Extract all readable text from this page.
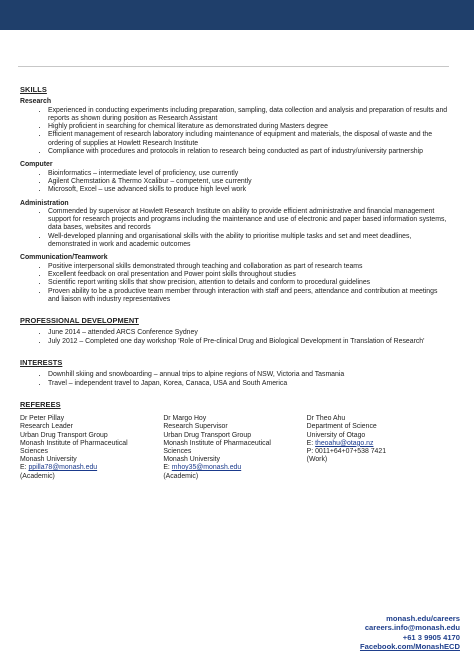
SKILLS
Research
• Experienced in conducting experiments including preparation, sampling, data collection and analysis and preparation of results and reports as shown during position as Research Assistant
• Highly proficient in searching for chemical literature as demonstrated during Masters degree
• Efficient management of research laboratory including maintenance of equipment and materials, the disposal of waste and the ordering of supplies at Howlett Research Institute
• Compliance with procedures and protocols in relation to research being conducted as part of industry/university partnership
Computer
• Bioinformatics – intermediate level of proficiency, use currently
• Agilent Chemstation & Thermo Xcalibur – competent, use currently
• Microsoft, Excel – use advanced skills to produce high level work
Administration
• Commended by supervisor at Howlett Research Institute on ability to provide efficient administrative and financial management support for research projects and programs including the maintenance and use of electronic and paper based information systems, data bases, websites and records
• Well-developed planning and organisational skills with the ability to prioritise multiple tasks and set and meet deadlines, demonstrated in work and academic outcomes
Communication/Teamwork
• Positive interpersonal skills demonstrated through teaching and collaboration as part of research teams
• Excellent feedback on oral presentation and Power point skills throughout studies
• Scientific report writing skills that show precision, attention to details and conform to procedural guidelines
• Proven ability to be a productive team member through interaction with staff and peers, attendance and contribution at meetings and liaison with industry representatives
PROFESSIONAL DEVELOPMENT
• June 2014 – attended ARCS Conference Sydney
• July 2012 – Completed one day workshop 'Role of Pre-clinical Drug and Biological Development in Translation of Research'
INTERESTS
• Downhill skiing and snowboarding – annual trips to alpine regions of NSW, Victoria and Tasmania
• Travel – independent travel to Japan, Korea, Canaca, USA and South America
REFEREES
Dr Peter Pillay
Research Leader
Urban Drug Transport Group
Monash Institute of Pharmaceutical
Sciences
Monash University
E: ppilla78@monash.edu
(Academic)
Dr Margo Hoy
Research Supervisor
Urban Drug Transport Group
Monash Institute of Pharmaceutical
Sciences
Monash University
E: mhoy35@monash.edu
(Academic)
Dr Theo Ahu
Department of Science
University of Otago
E: theoahu@otago.nz
P: 0011+64+07+538 7421
(Work)
monash.edu/careers
careers.info@monash.edu
+61 3 9905 4170
Facebook.com/MonashECD
